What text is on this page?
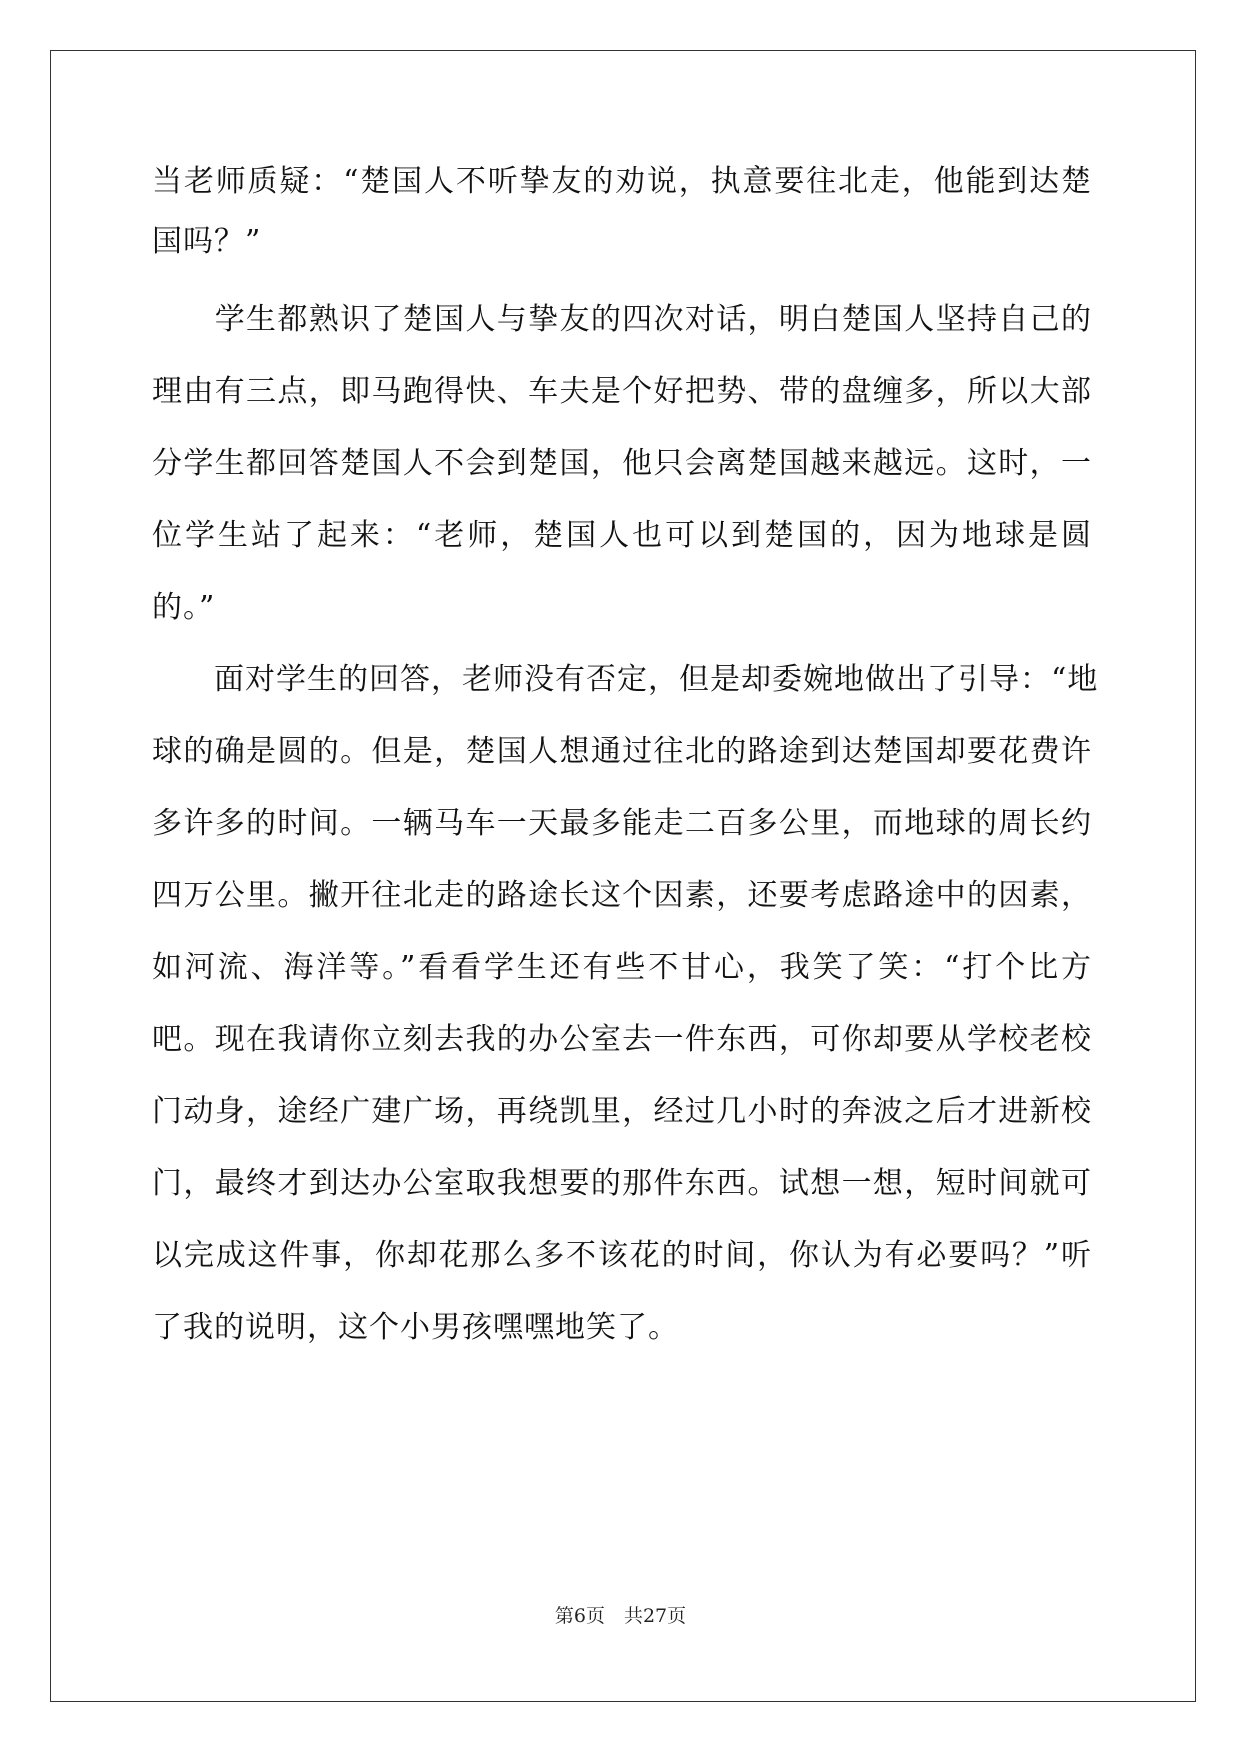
当老师质疑：“楚国人不听挚友的劝说，执意要往北走，他能到达楚
国吗？”
　　学生都熟识了楚国人与挚友的四次对话，明白楚国人坚持自己的
理由有三点，即马跑得快、车夫是个好把势、带的盘缠多，所以大部
分学生都回答楚国人不会到楚国，他只会离楚国越来越远。这时，一
位学生站了起来：“老师，楚国人也可以到楚国的，因为地球是圆
的。”
　　面对学生的回答，老师没有否定，但是却委婉地做出了引导：“地
球的确是圆的。但是，楚国人想通过往北的路途到达楚国却要花费许
多许多的时间。一辆马车一天最多能走二百多公里，而地球的周长约
四万公里。撇开往北走的路途长这个因素，还要考虑路途中的因素，
如河流、海洋等。”看看学生还有些不甘心，我笑了笑：“打个比方
吧。现在我请你立刻去我的办公室去一件东西，可你却要从学校老校
门动身，途经广建广场，再绕凯里，经过几小时的奔波之后才进新校
门，最终才到达办公室取我想要的那件东西。试想一想，短时间就可
以完成这件事，你却花那么多不该花的时间，你认为有必要吗？”听
了我的说明，这个小男孩嘿嘿地笑了。
第6页　共27页
